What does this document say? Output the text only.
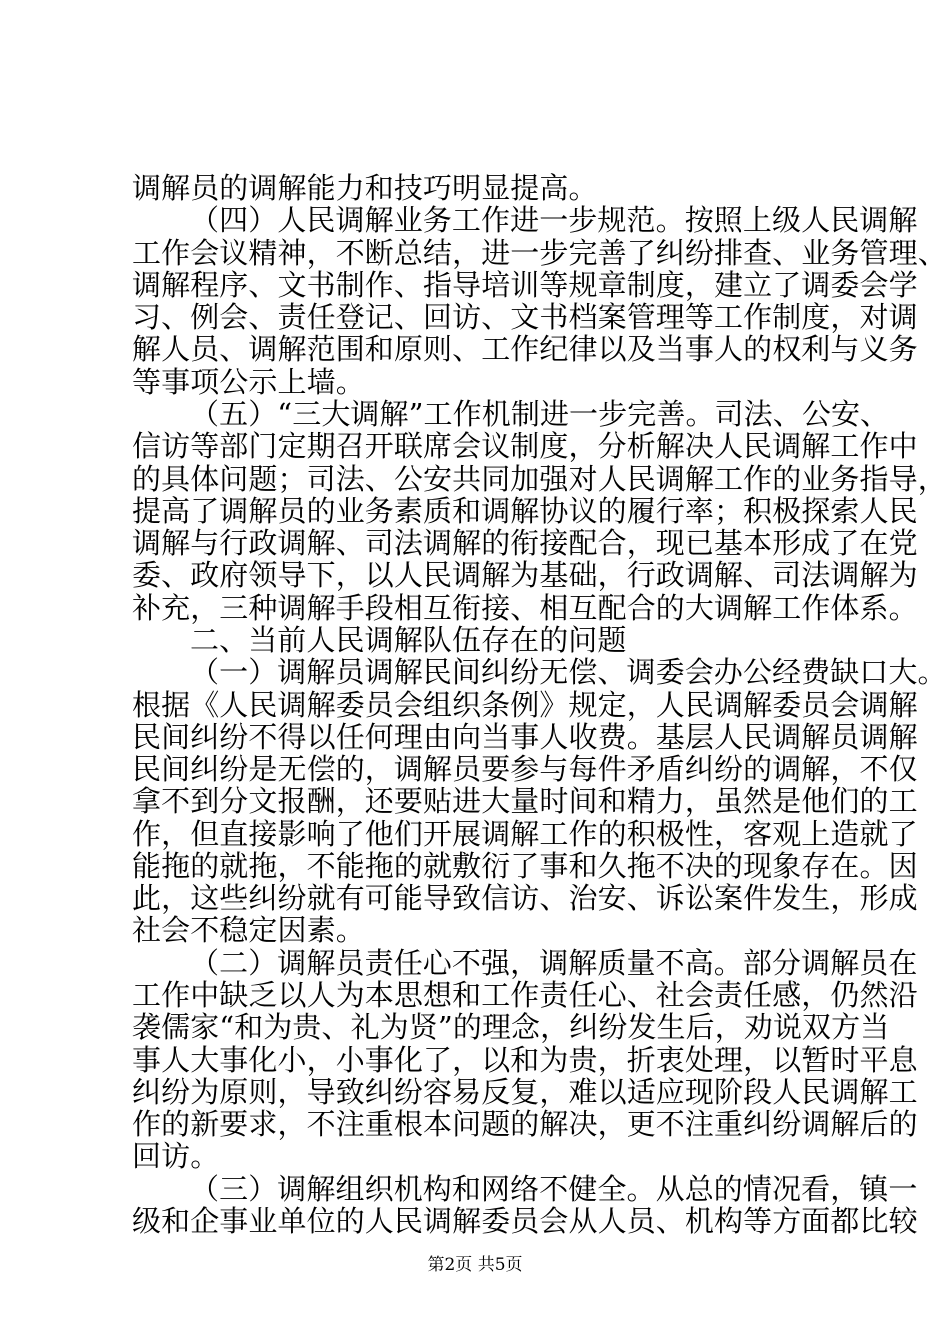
调解员的调解能力和技巧明显提高。
（四）人民调解业务工作进一步规范。按照上级人民调解
工作会议精神，不断总结，进一步完善了纠纷排查、业务管理、
调解程序、文书制作、指导培训等规章制度，建立了调委会学
习、例会、责任登记、回访、文书档案管理等工作制度，对调
解人员、调解范围和原则、工作纪律以及当事人的权利与义务
等事项公示上墙。
（五）“三大调解”工作机制进一步完善。司法、公安、
信访等部门定期召开联席会议制度，分析解决人民调解工作中
的具体问题；司法、公安共同加强对人民调解工作的业务指导，
提高了调解员的业务素质和调解协议的履行率；积极探索人民
调解与行政调解、司法调解的衔接配合，现已基本形成了在党
委、政府领导下，以人民调解为基础，行政调解、司法调解为
补充，三种调解手段相互衔接、相互配合的大调解工作体系。
二、当前人民调解队伍存在的问题
（一）调解员调解民间纠纷无偿、调委会办公经费缺口大。
根据《人民调解委员会组织条例》规定，人民调解委员会调解
民间纠纷不得以任何理由向当事人收费。基层人民调解员调解
民间纠纷是无偿的，调解员要参与每件矛盾纠纷的调解，不仅
拿不到分文报酬，还要贴进大量时间和精力，虽然是他们的工
作，但直接影响了他们开展调解工作的积极性，客观上造就了
能拖的就拖，不能拖的就敷衍了事和久拖不决的现象存在。因
此，这些纠纷就有可能导致信访、治安、诉讼案件发生，形成
社会不稳定因素。
（二）调解员责任心不强，调解质量不高。部分调解员在
工作中缺乏以人为本思想和工作责任心、社会责任感，仍然沿
袭儒家“和为贵、礼为贤”的理念，纠纷发生后，劝说双方当
事人大事化小，小事化了，以和为贵，折衷处理，以暂时平息
纠纷为原则，导致纠纷容易反复，难以适应现阶段人民调解工
作的新要求，不注重根本问题的解决，更不注重纠纷调解后的
回访。
（三）调解组织机构和网络不健全。从总的情况看，镇一
级和企事业单位的人民调解委员会从人员、机构等方面都比较
第2页 共5页
